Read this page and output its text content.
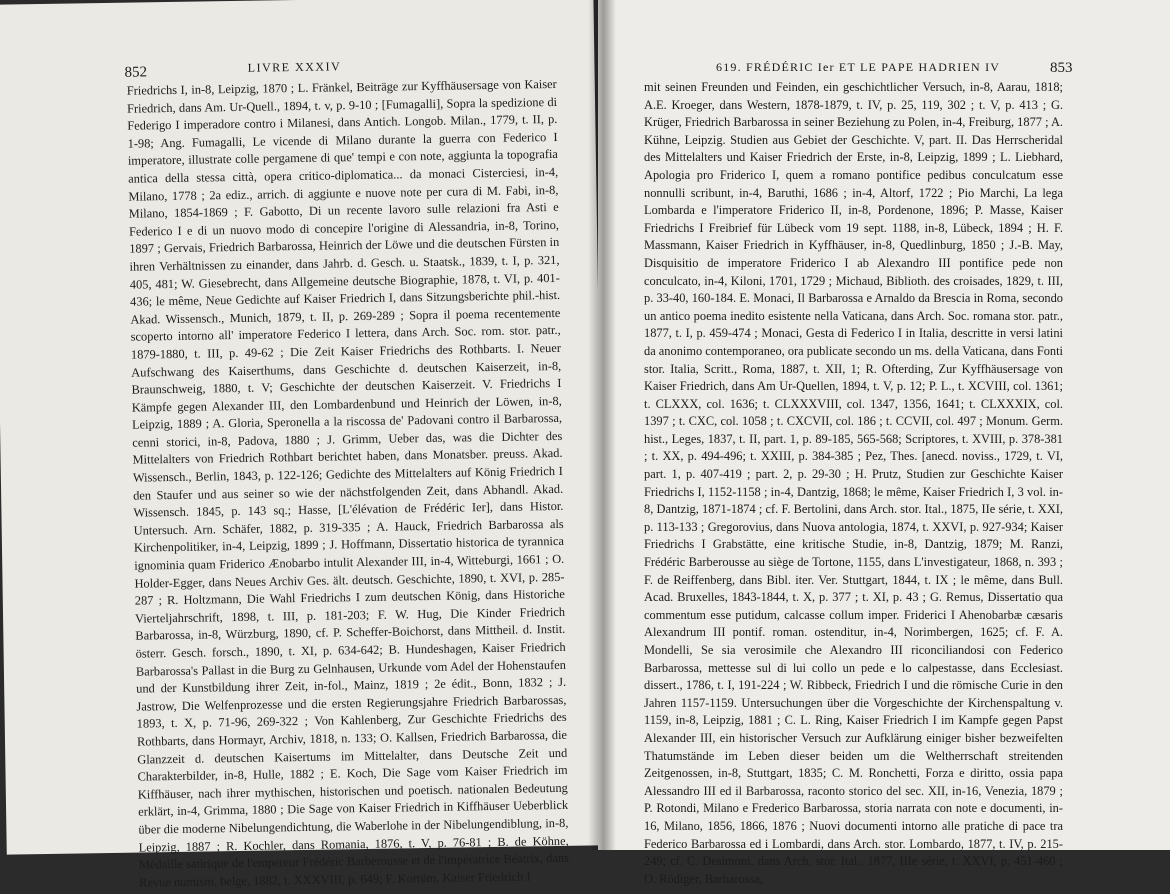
852	LIVRE XXXIV
Friedrichs I, in-8, Leipzig, 1870 ; L. Fränkel, Beiträge zur Kyffhäusersage von Kaiser Friedrich, dans Am. Ur-Quell., 1894, t. v, p. 9-10 ; [Fumagalli], Sopra la spedizione di Federigo I imperadore contro i Milanesi, dans Antich. Longob. Milan., 1779, t. II, p. 1-98; Ang. Fumagalli, Le vicende di Milano durante la guerra con Federico I imperatore, illustrate colle pergamene di que' tempi e con note, aggiunta la topografia antica della stessa città, opera critico-diplomatica... da monaci Cisterciesi, in-4, Milano, 1778 ; 2a ediz., arrich. di aggiunte e nuove note per cura di M. Fabi, in-8, Milano, 1854-1869 ; F. Gabotto, Di un recente lavoro sulle relazioni fra Asti e Federico I e di un nuovo modo di concepire l'origine di Alessandria, in-8, Torino, 1897 ; Gervais, Friedrich Barbarossa, Heinrich der Löwe und die deutschen Fürsten in ihren Verhältnissen zu einander, dans Jahrb. d. Gesch. u. Staatsk., 1839, t. I, p. 321, 405, 481; W. Giesebrecht, dans Allgemeine deutsche Biographie, 1878, t. VI, p. 401-436; le même, Neue Gedichte auf Kaiser Friedrich I, dans Sitzungsberichte phil.-hist. Akad. Wissensch., Munich, 1879, t. II, p. 269-289 ; Sopra il poema recentemente scoperto intorno all' imperatore Federico I lettera, dans Arch. Soc. rom. stor. patr., 1879-1880, t. III, p. 49-62 ; Die Zeit Kaiser Friedrichs des Rothbarts. I. Neuer Aufschwang des Kaiserthums, dans Geschichte d. deutschen Kaiserzeit, in-8, Braunschweig, 1880, t. V; Geschichte der deutschen Kaiserzeit. V. Friedrichs I Kämpfe gegen Alexander III, den Lombardenbund und Heinrich der Löwen, in-8, Leipzig, 1889 ; A. Gloria, Speronella a la riscossa de' Padovani contro il Barbarossa, cenni storici, in-8, Padova, 1880 ; J. Grimm, Ueber das, was die Dichter des Mittelalters von Friedrich Rothbart berichtet haben, dans Monatsber. preuss. Akad. Wissensch., Berlin, 1843, p. 122-126; Gedichte des Mittelalters auf König Friedrich I den Staufer und aus seiner so wie der nächstfolgenden Zeit, dans Abhandl. Akad. Wissensch. 1845, p. 143 sq.; Hasse, [L'élévation de Frédéric Ier], dans Histor. Untersuch. Arn. Schäfer, 1882, p. 319-335 ; A. Hauck, Friedrich Barbarossa als Kirchenpolitiker, in-4, Leipzig, 1899 ; J. Hoffmann, Dissertatio historica de tyrannica ignominia quam Friderico Ænobarbo intulit Alexander III, in-4, Witteburgi, 1661 ; O. Holder-Egger, dans Neues Archiv Ges. ält. deutsch. Geschichte, 1890, t. XVI, p. 285-287 ; R. Holtzmann, Die Wahl Friedrichs I zum deutschen König, dans Historiche Vierteljahrschrift, 1898, t. III, p. 181-203; F. W. Hug, Die Kinder Friedrich Barbarossa, in-8, Würzburg, 1890, cf. P. Scheffer-Boichorst, dans Mittheil. d. Instit. österr. Gesch. forsch., 1890, t. XI, p. 634-642; B. Hundeshagen, Kaiser Friedrich Barbarossa's Pallast in die Burg zu Gelnhausen, Urkunde vom Adel der Hohenstaufen und der Kunstbildung ihrer Zeit, in-fol., Mainz, 1819 ; 2e édit., Bonn, 1832 ; J. Jastrow, Die Welfenprozesse und die ersten Regierungsjahre Friedrich Barbarossas, 1893, t. X, p. 71-96, 269-322 ; Von Kahlenberg, Zur Geschichte Friedrichs des Rothbarts, dans Hormayr, Archiv, 1818, n. 133; O. Kallsen, Friedrich Barbarossa, die Glanzzeit d. deutschen Kaisertums im Mittelalter, dans Deutsche Zeit und Charakterbilder, in-8, Hulle, 1882 ; E. Koch, Die Sage vom Kaiser Friedrich im Kiffhäuser, nach ihrer mythischen, historischen und poetisch. nationalen Bedeutung erklärt, in-4, Grimma, 1880 ; Die Sage von Kaiser Friedrich in Kiffhäuser Ueberblick über die moderne Nibelungendichtung, die Waberlohe in der Nibelungendiblung, in-8, Leipzig, 1887 ; R. Kochler, dans Romania, 1876, t. V, p. 76-81 ; B. de Köhne, Médaille satirique de l'empereur Frédéric Barberousse et de l'impératrice Béatrix, dans Revue numism. belge, 1882, t. XXXVIII, p. 649; F. Kortüm, Kaiser Friedrich I
619. FRÉDÉRIC Ier ET LE PAPE HADRIEN IV	853
mit seinen Freunden und Feinden, ein geschichtlicher Versuch, in-8, Aarau, 1818; A.E. Kroeger, dans Western, 1878-1879, t. IV, p. 25, 119, 302 ; t. V, p. 413 ; G. Krüger, Friedrich Barbarossa in seiner Beziehung zu Polen, in-4, Freiburg, 1877 ; A. Kühne, Leipzig. Studien aus Gebiet der Geschichte. V, part. II. Das Herrscheridal des Mittelalters und Kaiser Friedrich der Erste, in-8, Leipzig, 1899 ; L. Liebhard, Apologia pro Friderico I, quem a romano pontifice pedibus conculcatum esse nonnulli scribunt, in-4, Baruthi, 1686 ; in-4, Altorf, 1722 ; Pio Marchi, La lega Lombarda e l'imperatore Friderico II, in-8, Pordenone, 1896; P. Masse, Kaiser Friedrichs I Freibrief für Lübeck vom 19 sept. 1188, in-8, Lübeck, 1894 ; H. F. Massmann, Kaiser Friedrich in Kyffhäuser, in-8, Quedlinburg, 1850 ; J.-B. May, Disquisitio de imperatore Friderico I ab Alexandro III pontifice pede non conculcato, in-4, Kiloni, 1701, 1729 ; Michaud, Biblioth. des croisades, 1829, t. III, p. 33-40, 160-184. E. Monaci, Il Barbarossa e Arnaldo da Brescia in Roma, secondo un antico poema inedito esistente nella Vaticana, dans Arch. Soc. romana stor. patr., 1877, t. I, p. 459-474 ; Monaci, Gesta di Federico I in Italia, descritte in versi latini da anonimo contemporaneo, ora publicate secondo un ms. della Vaticana, dans Fonti stor. Italia, Scritt., Roma, 1887, t. XII, 1; R. Ofterding, Zur Kyffhäusersage von Kaiser Friedrich, dans Am Ur-Quellen, 1894, t. V, p. 12; P. L., t. XCVIII, col. 1361; t. CLXXX, col. 1636; t. CLXXXVIII, col. 1347, 1356, 1641; t. CLXXXIX, col. 1397 ; t. CXC, col. 1058 ; t. CXCVII, col. 186 ; t. CCVII, col. 497 ; Monum. Germ. hist., Leges, 1837, t. II, part. 1, p. 89-185, 565-568; Scriptores, t. XVIII, p. 378-381 ; t. XX, p. 494-496; t. XXIII, p. 384-385 ; Pez, Thes. [anecd. noviss., 1729, t. VI, part. 1, p. 407-419 ; part. 2, p. 29-30 ; H. Prutz, Studien zur Geschichte Kaiser Friedrichs I, 1152-1158 ; in-4, Dantzig, 1868; le même, Kaiser Friedrich I, 3 vol. in-8, Dantzig, 1871-1874 ; cf. F. Bertolini, dans Arch. stor. Ital., 1875, IIe série, t. XXI, p. 113-133 ; Gregorovius, dans Nuova antologia, 1874, t. XXVI, p. 927-934; Kaiser Friedrichs I Grabstätte, eine kritische Studie, in-8, Dantzig, 1879; M. Ranzi, Frédéric Barberousse au siège de Tortone, 1155, dans L'investigateur, 1868, n. 393 ; F. de Reiffenberg, dans Bibl. iter. Ver. Stuttgart, 1844, t. IX ; le même, dans Bull. Acad. Bruxelles, 1843-1844, t. X, p. 377 ; t. XI, p. 43 ; G. Remus, Dissertatio qua commentum esse putidum, calcasse collum imper. Friderici I Ahenobarbæ cæsaris Alexandrum III pontif. roman. ostenditur, in-4, Norimbergen, 1625; cf. F. A. Mondelli, Se sia verosimile che Alexandro III riconciliandosi con Federico Barbarossa, mettesse sul di lui collo un pede e lo calpestasse, dans Ecclesiast. dissert., 1786, t. I, 191-224 ; W. Ribbeck, Friedrich I und die römische Curie in den Jahren 1157-1159. Untersuchungen über die Vorgeschichte der Kirchenspaltung v. 1159, in-8, Leipzig, 1881 ; C. L. Ring, Kaiser Friedrich I im Kampfe gegen Papst Alexander III, ein historischer Versuch zur Aufklärung einiger bisher bezweifelten Thatumstände im Leben dieser beiden um die Weltherrschaft streitenden Zeitgenossen, in-8, Stuttgart, 1835; C. M. Ronchetti, Forza e diritto, ossia papa Alessandro III ed il Barbarossa, raconto storico del sec. XII, in-16, Venezia, 1879 ; P. Rotondi, Milano e Frederico Barbarossa, storia narrata con note e documenti, in-16, Milano, 1856, 1866, 1876 ; Nuovi documenti intorno alle pratiche di pace tra Federico Barbarossa ed i Lombardi, dans Arch. stor. Lombardo, 1877, t. IV, p. 215-249; cf. C. Desimoni, dans Arch. stor. Ital., 1877, IIIe série, t. XXVI, p. 451-460 ; O. Rödiger, Barbarossa,
